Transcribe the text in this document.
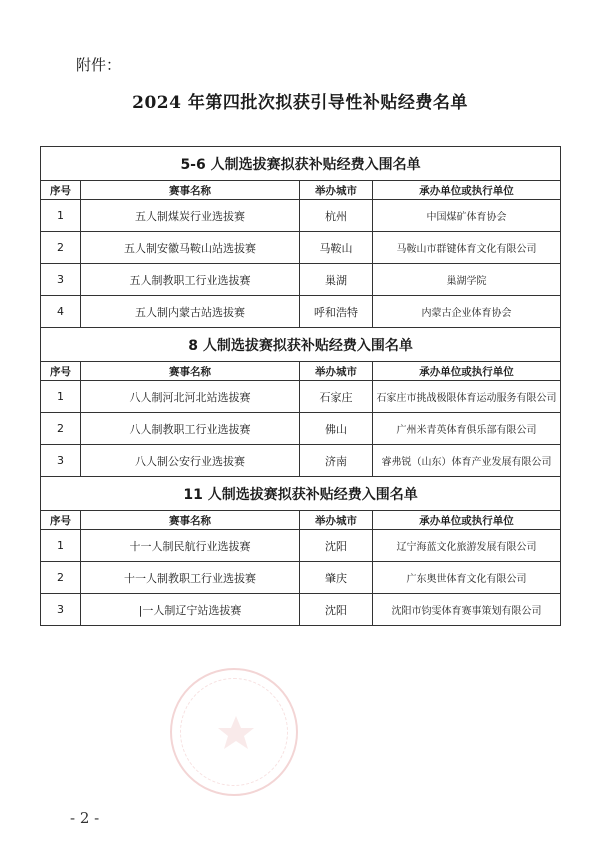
附件：
2024 年第四批次拟获引导性补贴经费名单
5-6 人制选拔赛拟获补贴经费入围名单			
序号	赛事名称	举办城市	承办单位或执行单位
1	五人制煤炭行业选拔赛	杭州	中国煤矿体育协会
2	五人制安徽马鞍山站选拔赛	马鞍山	马鞍山市群键体育文化有限公司
3	五人制教职工行业选拔赛	巢湖	巢湖学院
4	五人制内蒙古站选拔赛	呼和浩特	内蒙古企业体育协会
8 人制选拔赛拟获补贴经费入围名单			
序号	赛事名称	举办城市	承办单位或执行单位
1	八人制河北河北站选拔赛	石家庄	石家庄市挑战极限体育运动服务有限公司
2	八人制教职工行业选拔赛	佛山	广州米青英体育俱乐部有限公司
3	八人制公安行业选拔赛	济南	睿弗锐（山东）体育产业发展有限公司
11 人制选拔赛拟获补贴经费入围名单			
序号	赛事名称	举办城市	承办单位或执行单位
1	十一人制民航行业选拔赛	沈阳	辽宁海蓝文化旅游发展有限公司
2	十一人制教职工行业选拔赛	肇庆	广东奥世体育文化有限公司
3	|一人制辽宁站选拔赛	沈阳	沈阳市钧雯体育赛事策划有限公司
- 2 -
